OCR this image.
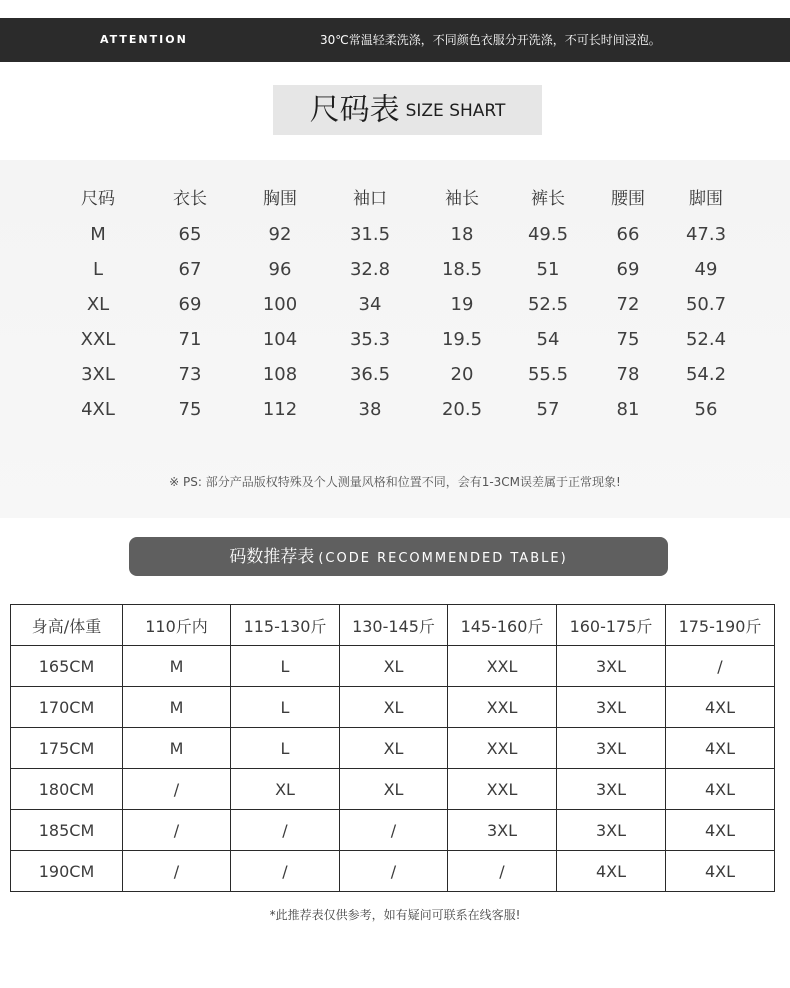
ATTENTION	30℃常温轻柔洗涤，不同颜色衣服分开洗涤，不可长时间浸泡。
尺码表 SIZE SHART
尺码	衣长	胸围	袖口	袖长	裤长	腰围	脚围
M	65	92	31.5	18	49.5	66	47.3
L	67	96	32.8	18.5	51	69	49
XL	69	100	34	19	52.5	72	50.7
XXL	71	104	35.3	19.5	54	75	52.4
3XL	73	108	36.5	20	55.5	78	54.2
4XL	75	112	38	20.5	57	81	56
※ PS: 部分产品版权特殊及个人测量风格和位置不同，会有1-3CM误差属于正常现象!
码数推荐表 (CODE RECOMMENDED TABLE)
身高/体重	110斤内	115-130斤	130-145斤	145-160斤	160-175斤	175-190斤
165CM	M	L	XL	XXL	3XL	/
170CM	M	L	XL	XXL	3XL	4XL
175CM	M	L	XL	XXL	3XL	4XL
180CM	/	XL	XL	XXL	3XL	4XL
185CM	/	/	/	3XL	3XL	4XL
190CM	/	/	/	/	4XL	4XL
*此推荐表仅供参考，如有疑问可联系在线客服!
